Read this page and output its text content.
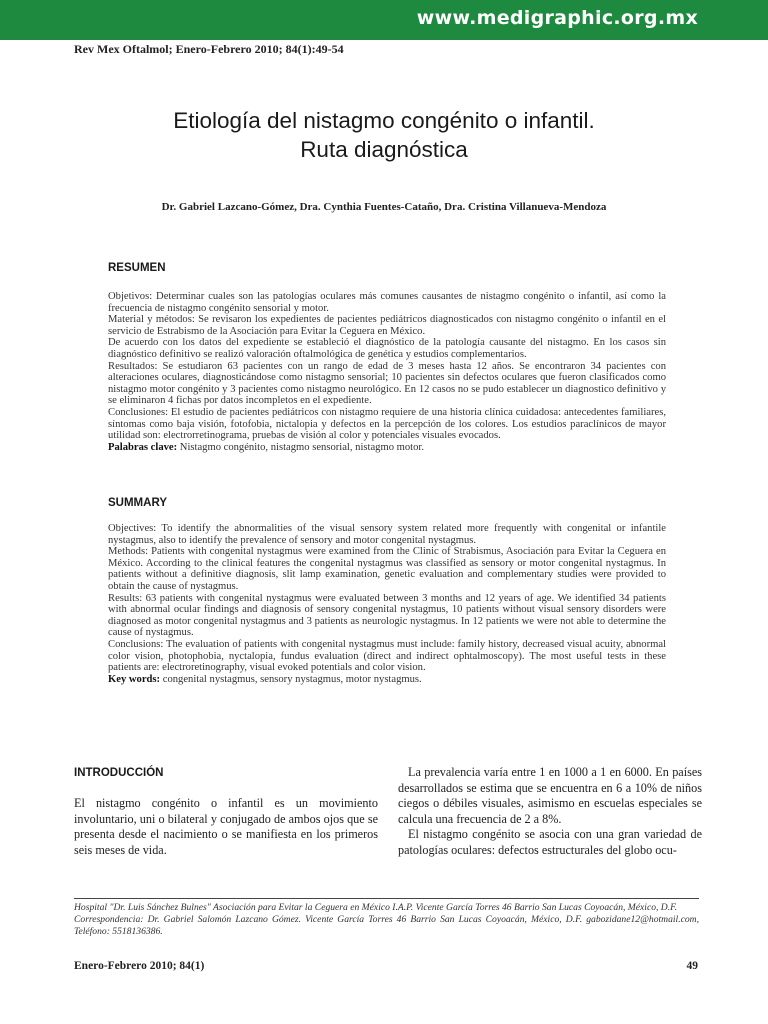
www.medigraphic.org.mx
Rev Mex Oftalmol; Enero-Febrero 2010; 84(1):49-54
Etiología del nistagmo congénito o infantil.
Ruta diagnóstica
Dr. Gabriel Lazcano-Gómez, Dra. Cynthia Fuentes-Cataño, Dra. Cristina Villanueva-Mendoza
RESUMEN

Objetivos: Determinar cuales son las patologías oculares más comunes causantes de nistagmo congénito o infantil, así como la frecuencia de nistagmo congénito sensorial y motor.

Material y métodos: Se revisaron los expedientes de pacientes pediátricos diagnosticados con nistagmo congénito o infantil en el servicio de Estrabismo de la Asociación para Evitar la Ceguera en México.

De acuerdo con los datos del expediente se estableció el diagnóstico de la patología causante del nistagmo. En los casos sin diagnóstico definitivo se realizó valoración oftalmológica de genética y estudios complementarios.

Resultados: Se estudiaron 63 pacientes con un rango de edad de 3 meses hasta 12 años. Se encontraron 34 pacientes con alteraciones oculares, diagnosticándose como nistagmo sensorial; 10 pacientes sin defectos oculares que fueron clasificados como nistagmo motor congénito y 3 pacientes como nistagmo neurológico. En 12 casos no se pudo establecer un diagnostico definitivo y se eliminaron 4 fichas por datos incompletos en el expediente.

Conclusiones: El estudio de pacientes pediátricos con nistagmo requiere de una historia clínica cuidadosa: antecedentes familiares, síntomas como baja visión, fotofobia, nictalopia y defectos en la percepción de los colores. Los estudios paraclínicos de mayor utilidad son: electrorretinograma, pruebas de visión al color y potenciales visuales evocados.

Palabras clave: Nistagmo congénito, nistagmo sensorial, nistagmo motor.

SUMMARY

Objectives: To identify the abnormalities of the visual sensory system related more frequently with congenital or infantile nystagmus, also to identify the prevalence of sensory and motor congenital nystagmus.

Methods: Patients with congenital nystagmus were examined from the Clinic of Strabismus, Asociación para Evitar la Ceguera en México. According to the clinical features the congenital nystagmus was classified as sensory or motor congenital nystagmus. In patients without a definitive diagnosis, slit lamp examination, genetic evaluation and complementary studies were provided to obtain the cause of nystagmus.

Results: 63 patients with congenital nystagmus were evaluated between 3 months and 12 years of age. We identified 34 patients with abnormal ocular findings and diagnosis of sensory congenital nystagmus, 10 patients without visual sensory disorders were diagnosed as motor congenital nystagmus and 3 patients as neurologic nystagmus. In 12 patients we were not able to determine the cause of nystagmus.

Conclusions: The evaluation of patients with congenital nystagmus must include: family history, decreased visual acuity, abnormal color vision, photophobia, nyctalopia, fundus evaluation (direct and indirect ophtalmoscopy). The most useful tests in these patients are: electroretinography, visual evoked potentials and color vision.

Key words: congenital nystagmus, sensory nystagmus, motor nystagmus.

INTRODUCCIÓN

El nistagmo congénito o infantil es un movimiento involuntario, uni o bilateral y conjugado de ambos ojos que se presenta desde el nacimiento o se manifiesta en los primeros seis meses de vida.

La prevalencia varía entre 1 en 1000 a 1 en 6000. En países desarrollados se estima que se encuentra en 6 a 10% de niños ciegos o débiles visuales, asimismo en escuelas especiales se calcula una frecuencia de 2 a 8%.

El nistagmo congénito se asocia con una gran variedad de patologías oculares: defectos estructurales del globo ocu-

Hospital "Dr. Luis Sánchez Bulnes" Asociación para Evitar la Ceguera en México I.A.P. Vicente García Torres 46 Barrio San Lucas Coyoacán, México, D.F.

Correspondencia: Dr. Gabriel Salomón Lazcano Gómez. Vicente García Torres 46 Barrio San Lucas Coyoacán, México, D.F. gabozidane12@hotmail.com, Teléfono: 5518136386.

Enero-Febrero 2010; 84(1)	49
